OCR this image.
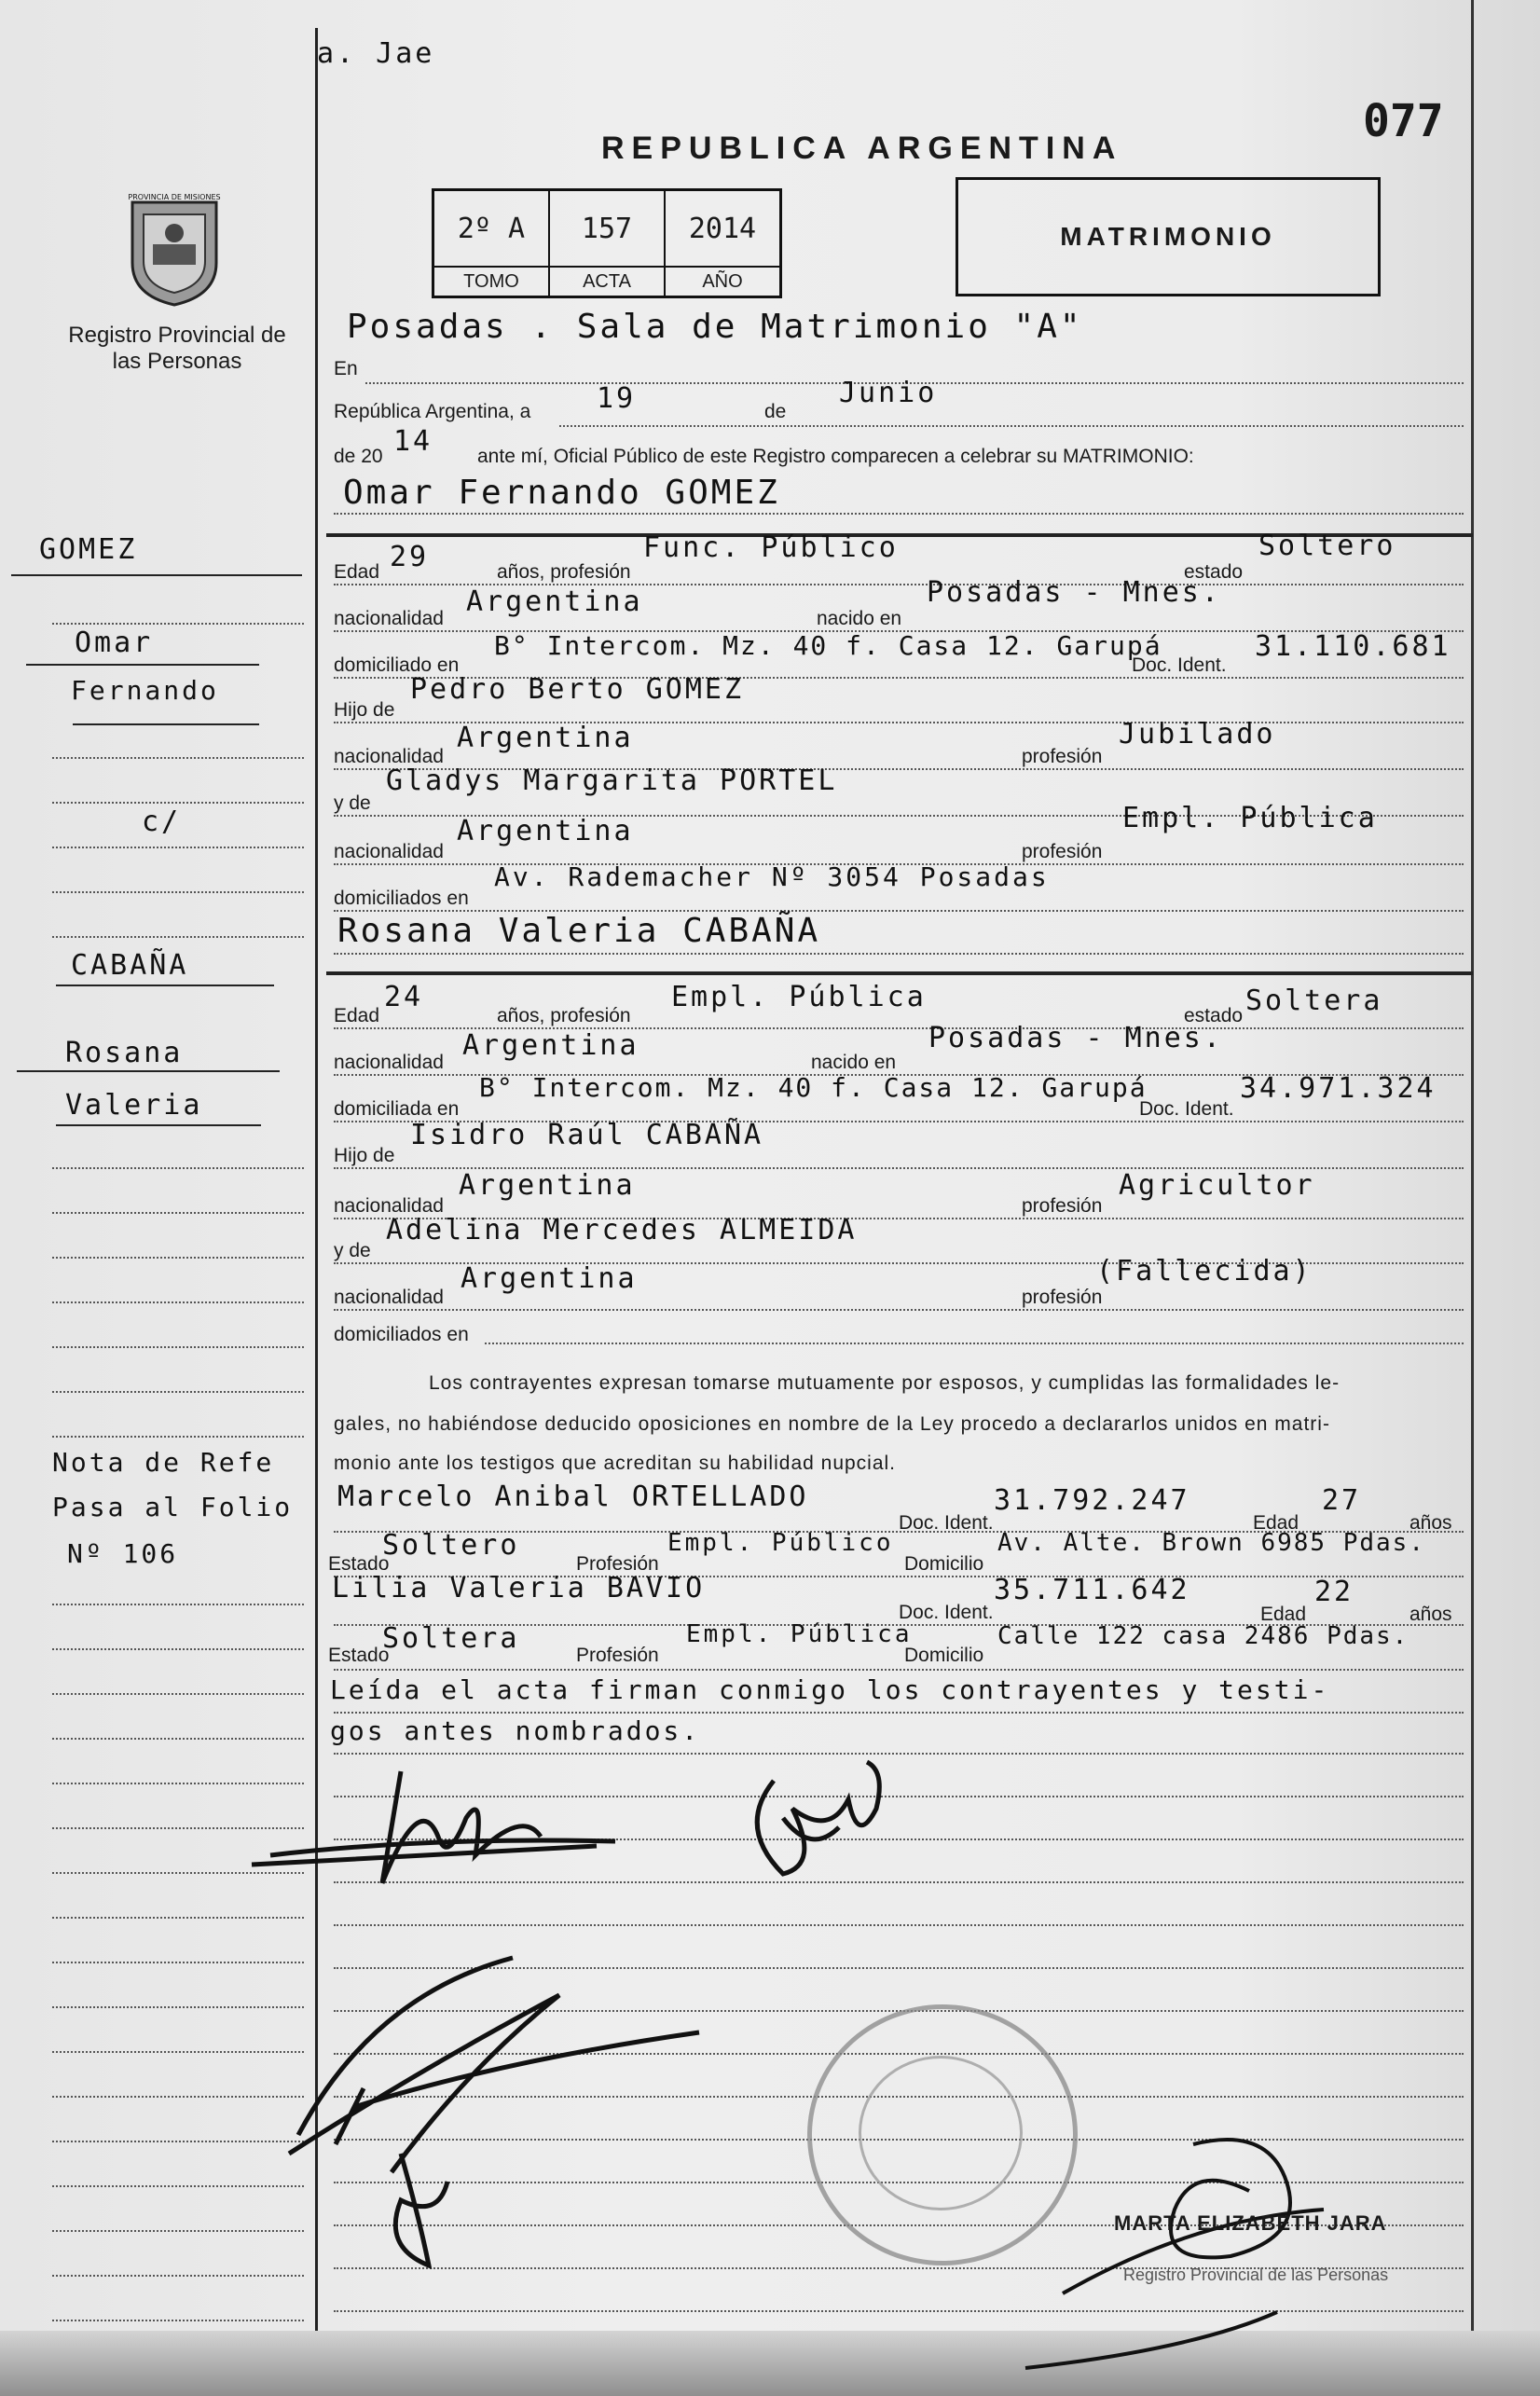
a. Jae
REPUBLICA ARGENTINA
077
PROVINCIA DE MISIONES
Registro Provincial de las Personas
2º A	157	2014
TOMO	ACTA	AÑO
MATRIMONIO
En
Posadas . Sala de Matrimonio "A"
República Argentina, a 19	de
Junio
de 20 14 ante mí, Oficial Público de este Registro comparecen a celebrar su MATRIMONIO:
Omar Fernando GOMEZ
Edad 29	años, profesión
Func. Público
estado
Soltero
nacionalidad
Argentina
nacido en
Posadas - Mnes.
domiciliado en
B° Intercom. Mz. 40 f. Casa 12. Garupá
Doc. Ident.
31.110.681
Hijo de
Pedro Berto GOMEZ
nacionalidad
Argentina
profesión
Jubilado
y de
Gladys Margarita PORTEL
nacionalidad
Argentina
profesión
Empl. Pública
domiciliados en
Av. Rademacher Nº 3054 Posadas
Rosana Valeria CABAÑA
Edad
24
años, profesión
Empl. Pública
estado Soltera
nacionalidad
Argentina
nacido en
Posadas - Mnes.
domiciliada en
B° Intercom. Mz. 40 f. Casa 12. Garupá
Doc. Ident.
34.971.324
Hijo de
Isidro Raúl CABAÑA
nacionalidad
Argentina
profesión
Agricultor
y de
Adelina Mercedes ALMEIDA
nacionalidad
Argentina
profesión
(Fallecida)
domiciliados en
Los contrayentes expresan tomarse mutuamente por esposos, y cumplidas las formalidades le-
gales, no habiéndose deducido oposiciones en nombre de la Ley procedo a declararlos unidos en matri-
monio ante los testigos que acreditan su habilidad nupcial.
Marcelo Anibal ORTELLADO
Doc. Ident.
31.792.247
Edad
27
años
Estado
Soltero
Profesión
Empl. Público
Domicilio
Av. Alte. Brown 6985 Pdas.
Lilia Valeria BAVIO
Doc. Ident.
35.711.642
Edad
22
años
Estado
Soltera
Profesión
Empl. Pública
Domicilio
Calle 122 casa 2486 Pdas.
Leída el acta firman conmigo los contrayentes y testi-
gos antes nombrados.
GOMEZ
Omar
Fernando
c/
CABAÑA
Rosana
Valeria
Nota de Refe
Pasa al Folio
Nº 106
MARTA ELIZABETH JARA
Registro Provincial de las Personas
